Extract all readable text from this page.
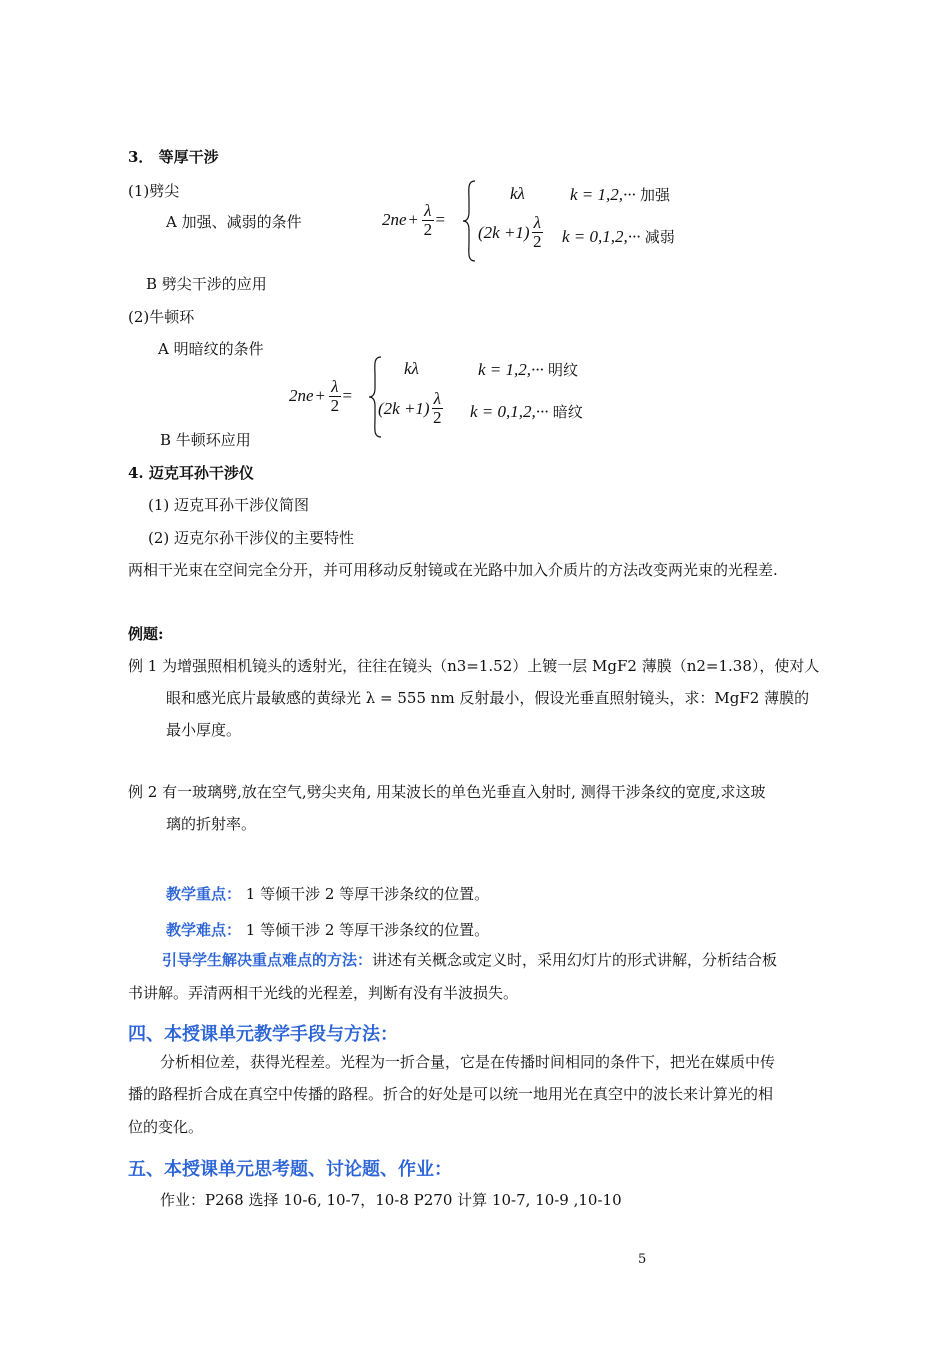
3． 等厚干涉
(1)劈尖
A 加强、减弱的条件	$2ne + \frac{\lambda}{2}$ =
kλ	k = 1,2,··· 加强
$(2k +1) \frac{\lambda}{2}$ k = 0,1,2,··· 减弱
B 劈尖干涉的应用
(2)牛顿环
A 明暗纹的条件
$2ne + \frac{\lambda}{2}$ =
kλ	k = 1,2,··· 明纹
$(2k +1) \frac{\lambda}{2}$ k = 0,1,2,··· 暗纹
B 牛顿环应用
4. 迈克耳孙干涉仪
(1) 迈克耳孙干涉仪简图
(2) 迈克尔孙干涉仪的主要特性
两相干光束在空间完全分开，并可用移动反射镜或在光路中加入介质片的方法改变两光束的光程差.
例题:
例 1 为增强照相机镜头的透射光，往往在镜头（n3=1.52）上镀一层 MgF2 薄膜（n2=1.38），使对人
眼和感光底片最敏感的黄绿光 λ = 555 nm 反射最小，假设光垂直照射镜头，求：MgF2 薄膜的
最小厚度。
例 2 有一玻璃劈,放在空气,劈尖夹角, 用某波长的单色光垂直入射时, 测得干涉条纹的宽度,求这玻
璃的折射率。
教学重点： 1 等倾干涉 2 等厚干涉条纹的位置。
教学难点： 1 等倾干涉 2 等厚干涉条纹的位置。
引导学生解决重点难点的方法：讲述有关概念或定义时，采用幻灯片的形式讲解，分析结合板
书讲解。弄清两相干光线的光程差，判断有没有半波损失。
四、本授课单元教学手段与方法：
分析相位差，获得光程差。光程为一折合量，它是在传播时间相同的条件下，把光在媒质中传
播的路程折合成在真空中传播的路程。折合的好处是可以统一地用光在真空中的波长来计算光的相
位的变化。
五、本授课单元思考题、讨论题、作业：
作业：P268 选择 10-6, 10-7，10-8 P270 计算 10-7, 10-9 ,10-10
5
